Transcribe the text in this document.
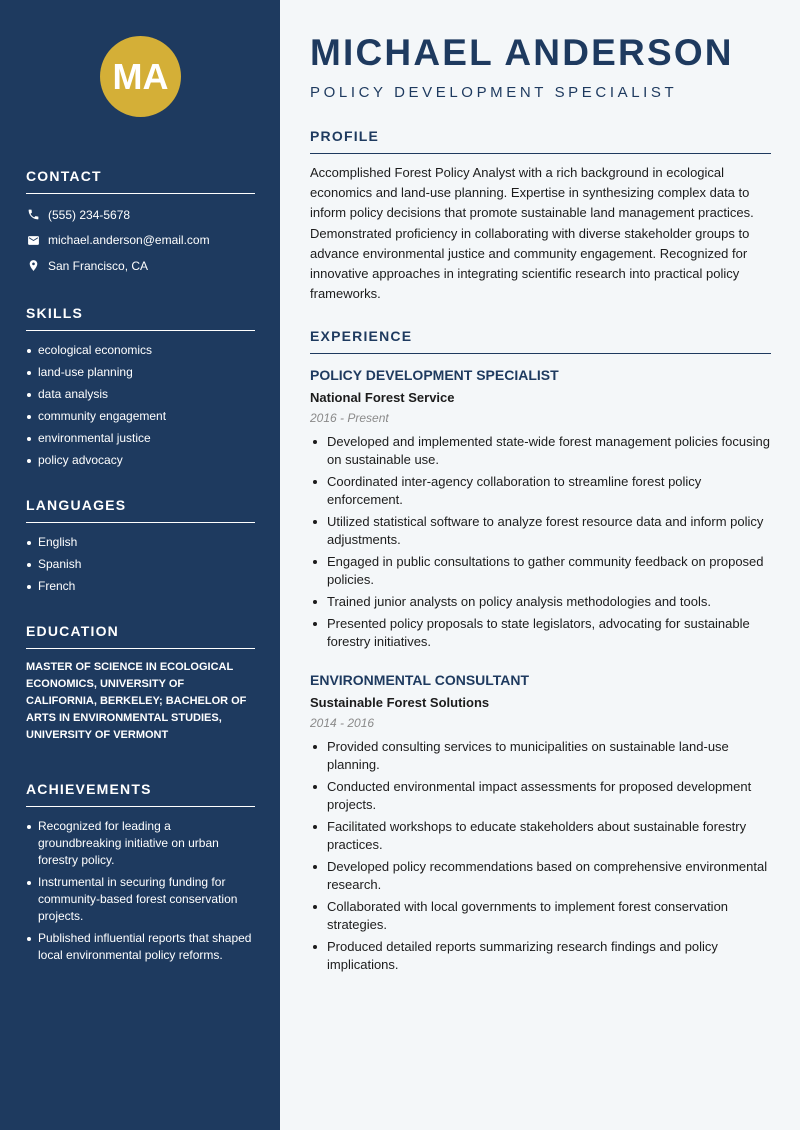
MA
CONTACT
(555) 234-5678
michael.anderson@email.com
San Francisco, CA
SKILLS
ecological economics
land-use planning
data analysis
community engagement
environmental justice
policy advocacy
LANGUAGES
English
Spanish
French
EDUCATION
MASTER OF SCIENCE IN ECOLOGICAL ECONOMICS, UNIVERSITY OF CALIFORNIA, BERKELEY; BACHELOR OF ARTS IN ENVIRONMENTAL STUDIES, UNIVERSITY OF VERMONT
ACHIEVEMENTS
Recognized for leading a groundbreaking initiative on urban forestry policy.
Instrumental in securing funding for community-based forest conservation projects.
Published influential reports that shaped local environmental policy reforms.
MICHAEL ANDERSON
POLICY DEVELOPMENT SPECIALIST
PROFILE

Accomplished Forest Policy Analyst with a rich background in ecological economics and land-use planning. Expertise in synthesizing complex data to inform policy decisions that promote sustainable land management practices. Demonstrated proficiency in collaborating with diverse stakeholder groups to advance environmental justice and community engagement. Recognized for innovative approaches in integrating scientific research into practical policy frameworks.

EXPERIENCE
POLICY DEVELOPMENT SPECIALIST
National Forest Service
2016 - Present
Developed and implemented state-wide forest management policies focusing on sustainable use.
Coordinated inter-agency collaboration to streamline forest policy enforcement.
Utilized statistical software to analyze forest resource data and inform policy adjustments.
Engaged in public consultations to gather community feedback on proposed policies.
Trained junior analysts on policy analysis methodologies and tools.
Presented policy proposals to state legislators, advocating for sustainable forestry initiatives.
ENVIRONMENTAL CONSULTANT
Sustainable Forest Solutions
2014 - 2016
Provided consulting services to municipalities on sustainable land-use planning.
Conducted environmental impact assessments for proposed development projects.
Facilitated workshops to educate stakeholders about sustainable forestry practices.
Developed policy recommendations based on comprehensive environmental research.
Collaborated with local governments to implement forest conservation strategies.
Produced detailed reports summarizing research findings and policy implications.
